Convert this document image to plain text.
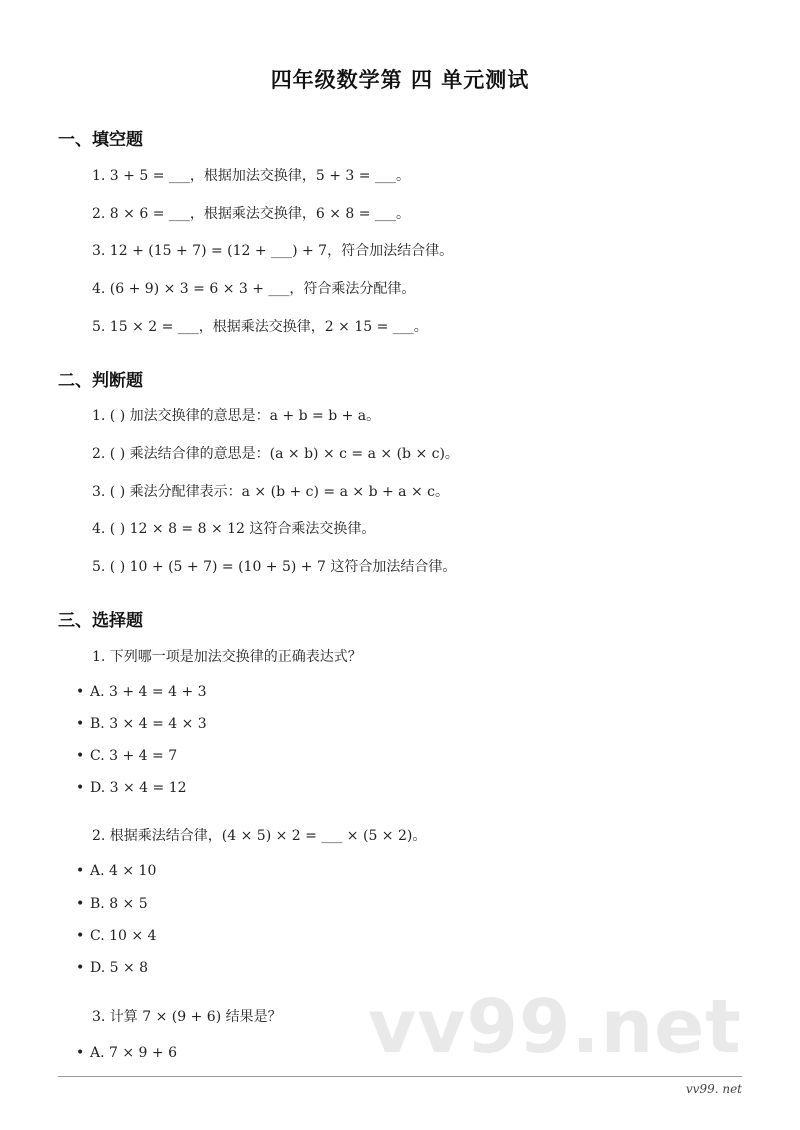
四年级数学第 四 单元测试
一、填空题
1. 3 + 5 = ___，根据加法交换律，5 + 3 = ___。
2. 8 × 6 = ___，根据乘法交换律，6 × 8 = ___。
3. 12 + (15 + 7) = (12 + ___) + 7，符合加法结合律。
4. (6 + 9) × 3 = 6 × 3 + ___，符合乘法分配律。
5. 15 × 2 = ___，根据乘法交换律，2 × 15 = ___。
二、判断题
1. ( ) 加法交换律的意思是：a + b = b + a。
2. ( ) 乘法结合律的意思是：(a × b) × c = a × (b × c)。
3. ( ) 乘法分配律表示：a × (b + c) = a × b + a × c。
4. ( ) 12 × 8 = 8 × 12 这符合乘法交换律。
5. ( ) 10 + (5 + 7) = (10 + 5) + 7 这符合加法结合律。
三、选择题
1. 下列哪一项是加法交换律的正确表达式？
• A. 3 + 4 = 4 + 3
• B. 3 × 4 = 4 × 3
• C. 3 + 4 = 7
• D. 3 × 4 = 12
2. 根据乘法结合律，(4 × 5) × 2 = ___ × (5 × 2)。
• A. 4 × 10
• B. 8 × 5
• C. 10 × 4
• D. 5 × 8
vv99.net
3. 计算 7 × (9 + 6) 结果是？
• A. 7 × 9 + 6
vv99. net
